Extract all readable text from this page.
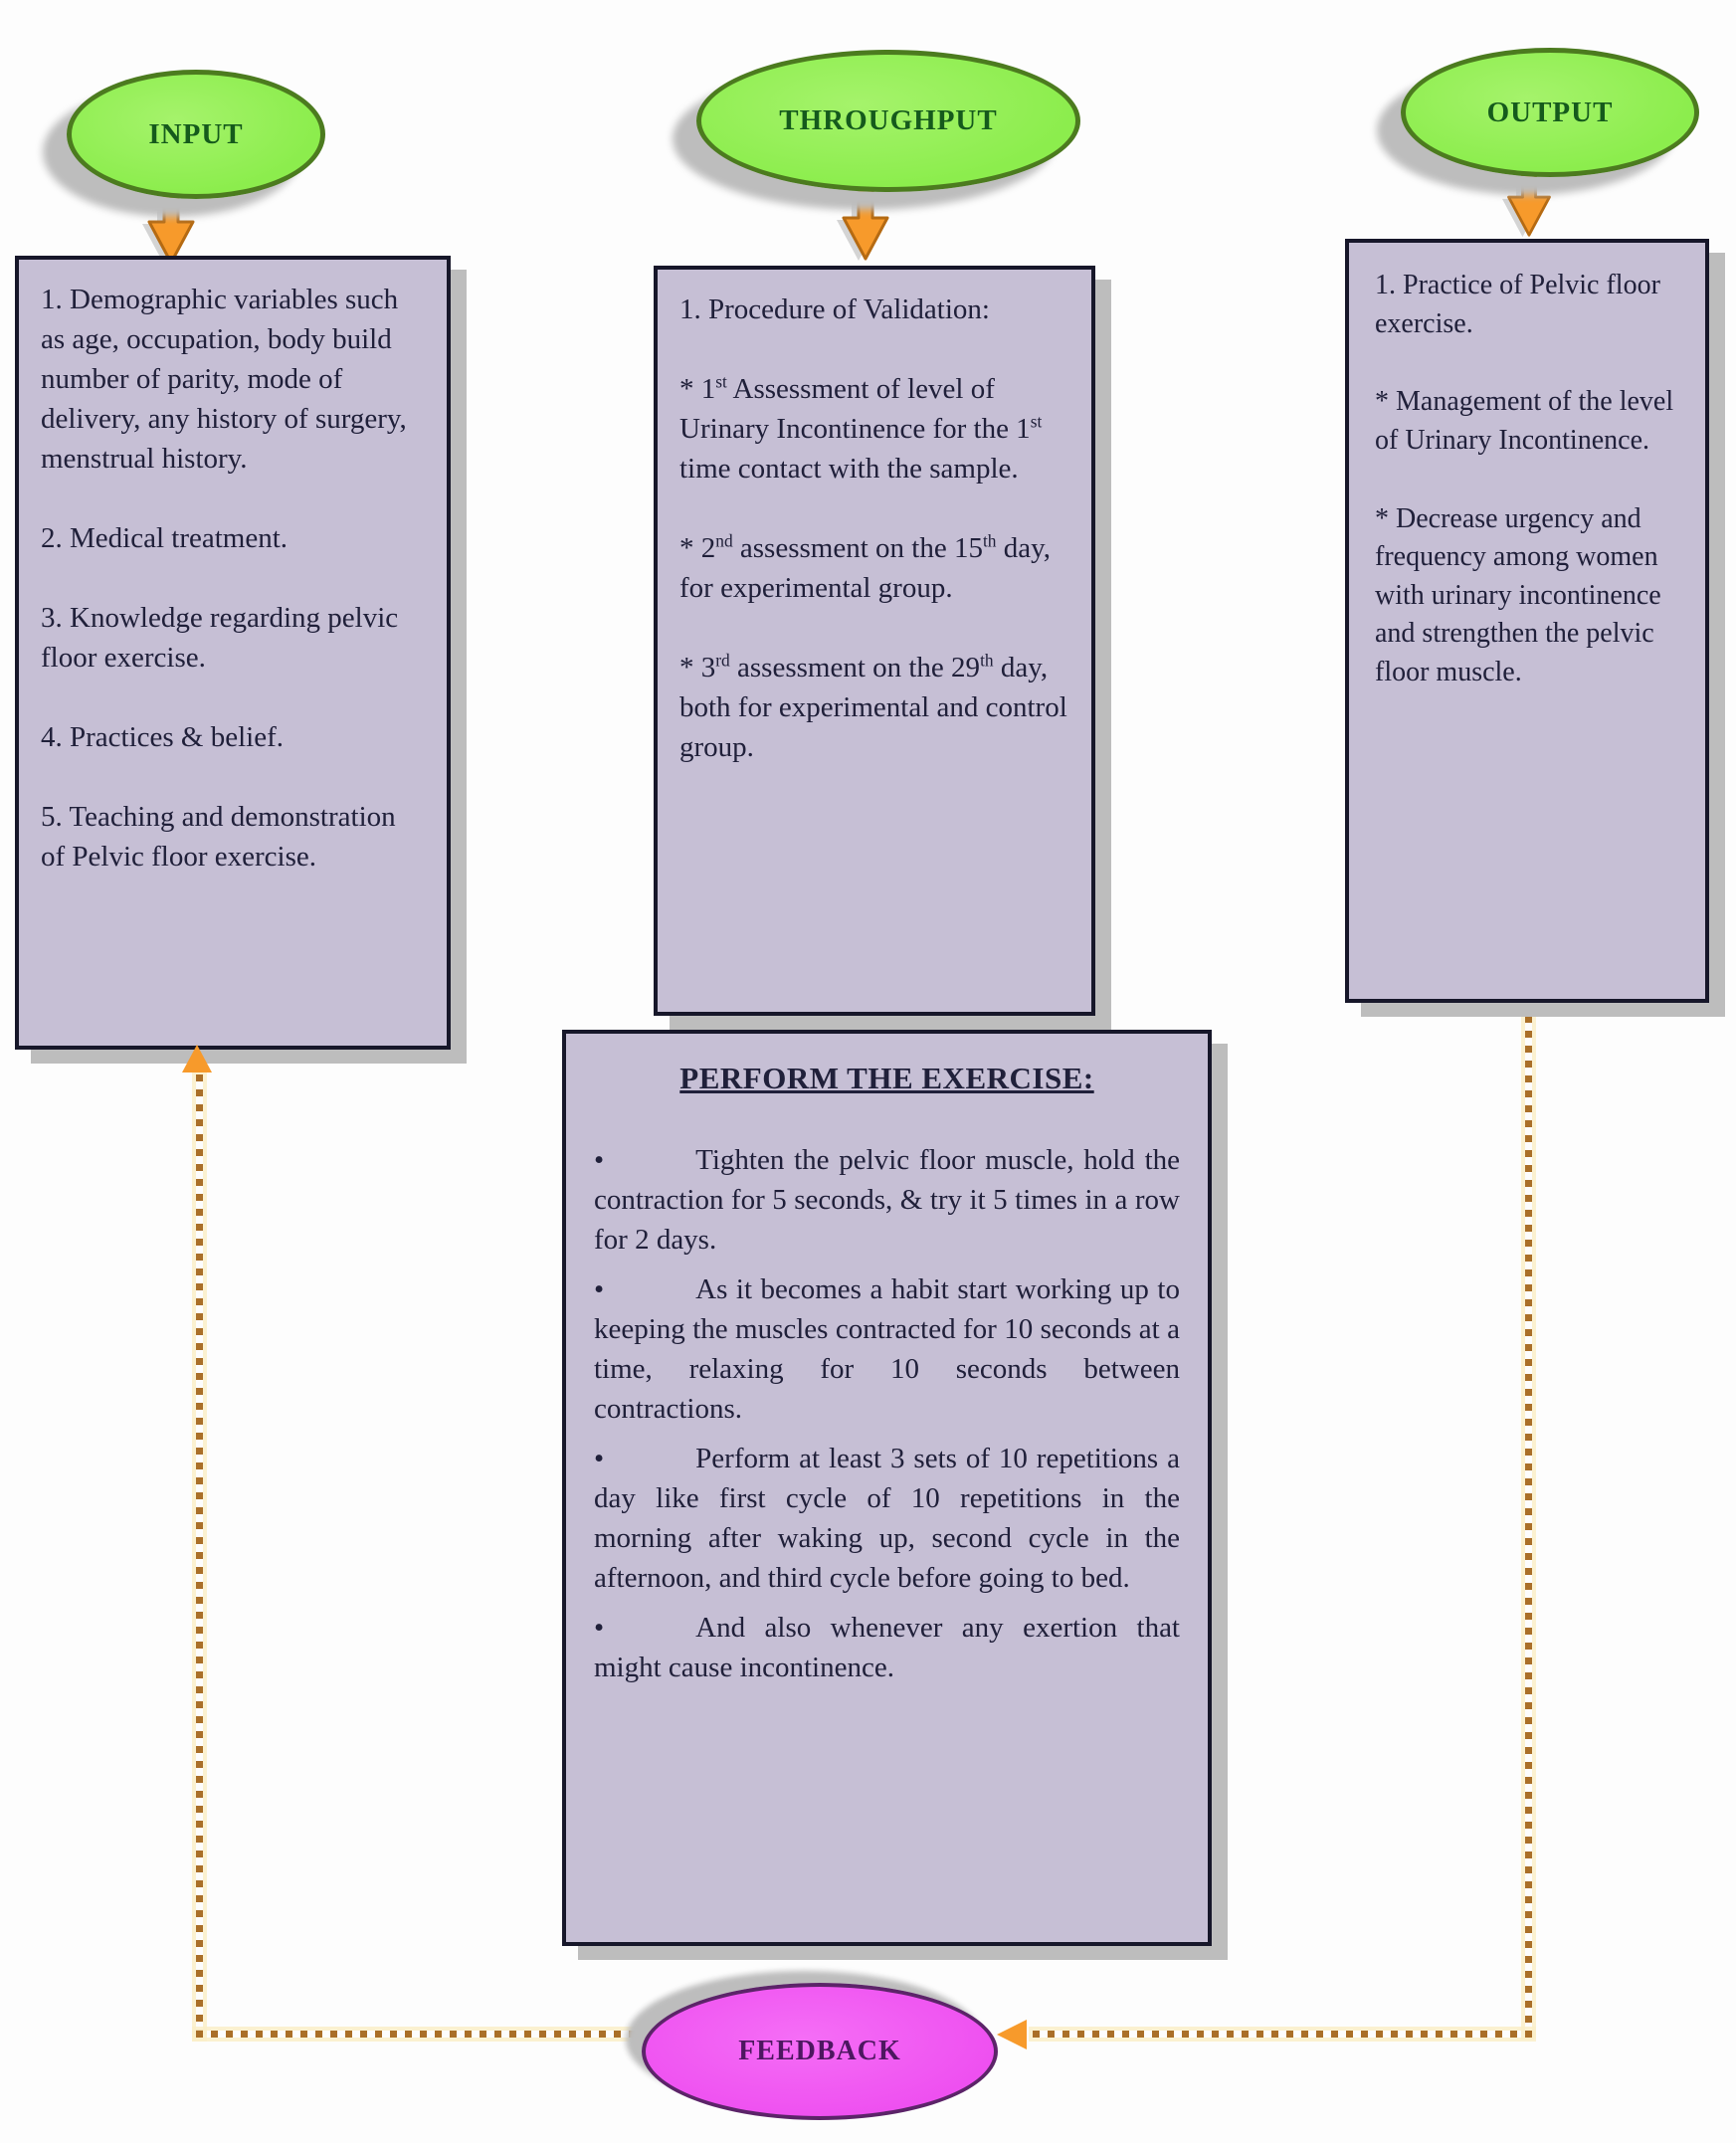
INPUT

1. Demographic variables such as age, occupation, body build number of parity, mode of delivery, any history of surgery, menstrual history.

2. Medical treatment.

3. Knowledge regarding pelvic floor exercise.

4. Practices & belief.

5. Teaching and demonstration of Pelvic floor exercise.

THROUGHPUT

1. Procedure of Validation:

* 1st Assessment of level of Urinary Incontinence for the 1st time contact with the sample.

* 2nd assessment on the 15th day, for experimental group.

* 3rd assessment on the 29th day, both for experimental and control group.

OUTPUT

1. Practice of Pelvic floor exercise.

* Management of the level of Urinary Incontinence.

* Decrease urgency and frequency among women with urinary incontinence and strengthen the pelvic floor muscle.

PERFORM THE EXERCISE:

•	Tighten the pelvic floor muscle, hold the contraction for 5 seconds, & try it 5 times in a row for 2 days.

•	As it becomes a habit start working up to keeping the muscles contracted for 10 seconds at a time, relaxing for 10 seconds between contractions.

•	Perform at least 3 sets of 10 repetitions a day like first cycle of 10 repetitions in the morning after waking up, second cycle in the afternoon, and third cycle before going to bed.

•	And also whenever any exertion that might cause incontinence.

FEEDBACK
